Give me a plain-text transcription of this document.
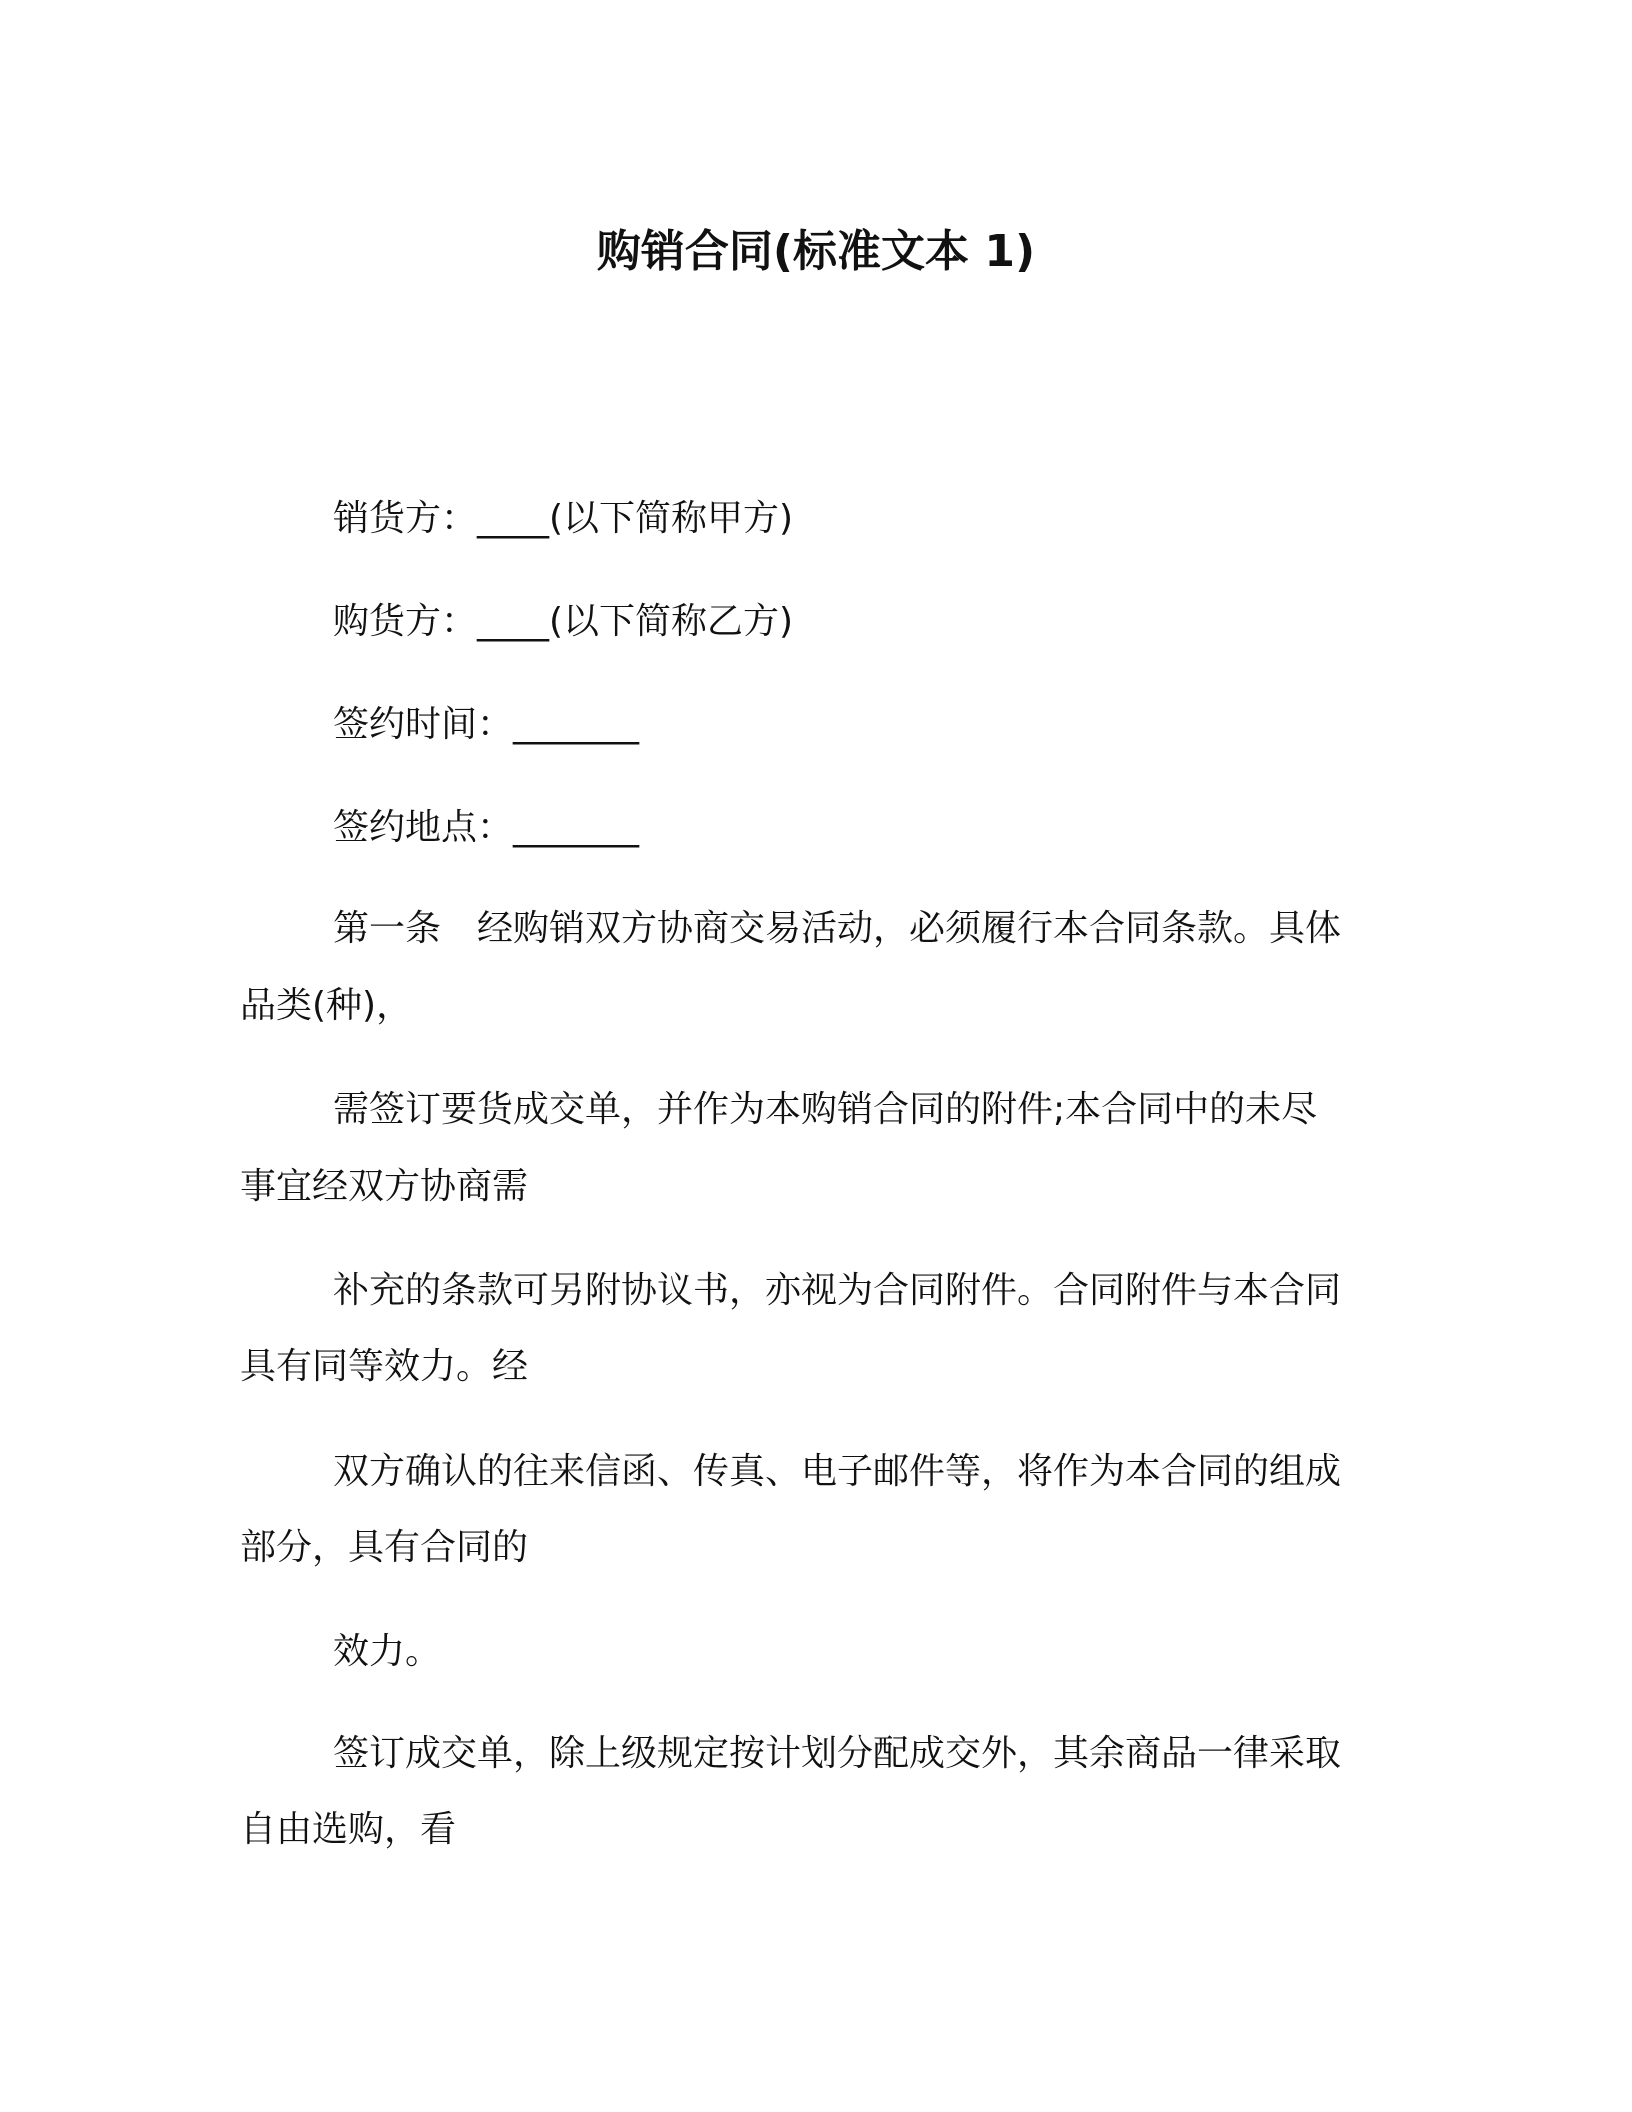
购销合同(标准文本 1)
销货方：____(以下简称甲方)
购货方：____(以下简称乙方)
签约时间：_______
签约地点：_______
第一条　经购销双方协商交易活动，必须履行本合同条款。具体
品类(种)，
需签订要货成交单，并作为本购销合同的附件;本合同中的未尽
事宜经双方协商需
补充的条款可另附协议书，亦视为合同附件。合同附件与本合同
具有同等效力。经
双方确认的往来信函、传真、电子邮件等，将作为本合同的组成
部分，具有合同的
效力。
签订成交单，除上级规定按计划分配成交外，其余商品一律采取
自由选购，看
